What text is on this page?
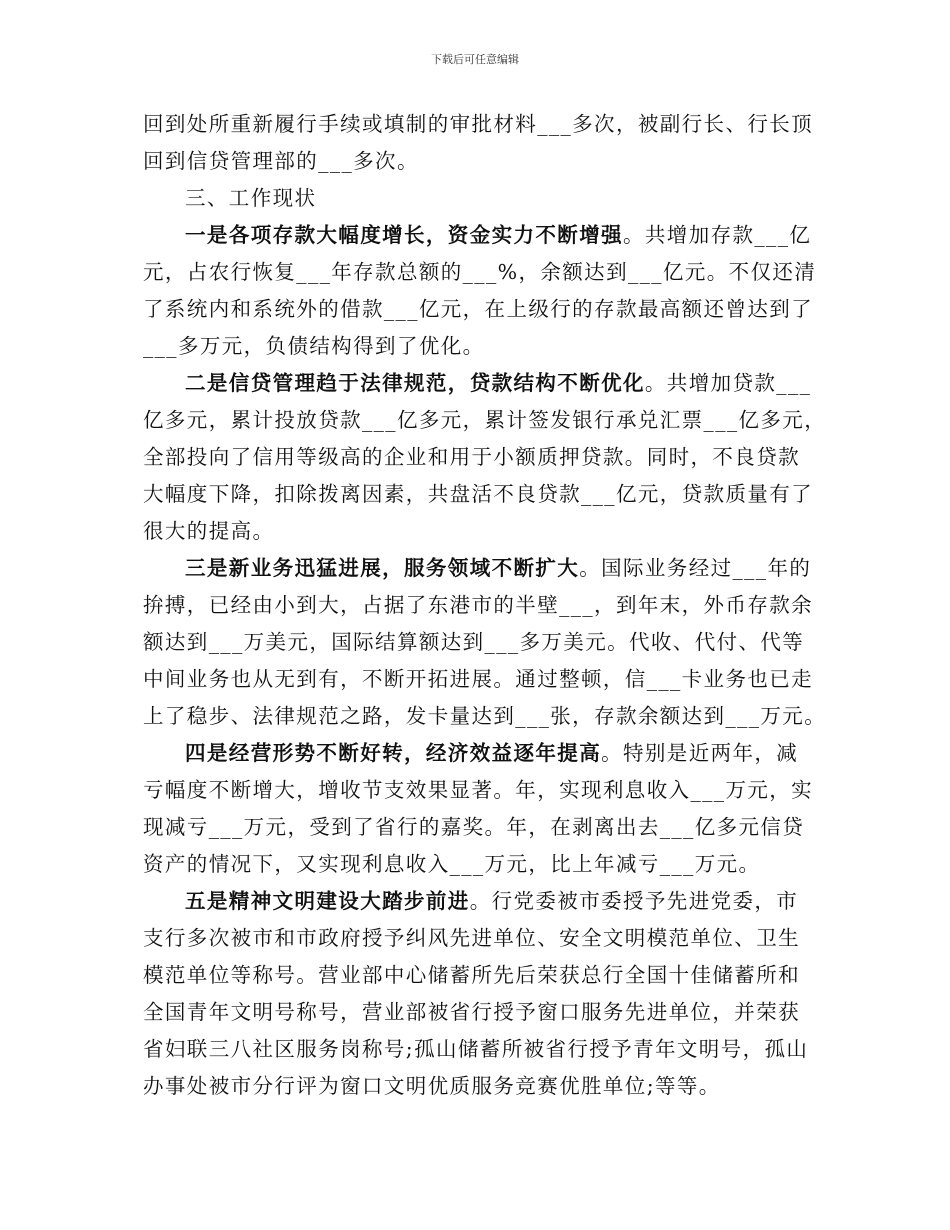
下载后可任意编辑
回到处所重新履行手续或填制的审批材料___多次，被副行长、行长顶
回到信贷管理部的___多次。
三、工作现状
一是各项存款大幅度增长，资金实力不断增强。共增加存款___亿
元，占农行恢复___年存款总额的___%，余额达到___亿元。不仅还清
了系统内和系统外的借款___亿元，在上级行的存款最高额还曾达到了
___多万元，负债结构得到了优化。
二是信贷管理趋于法律规范，贷款结构不断优化。共增加贷款___
亿多元，累计投放贷款___亿多元，累计签发银行承兑汇票___亿多元，
全部投向了信用等级高的企业和用于小额质押贷款。同时，不良贷款
大幅度下降，扣除拨离因素，共盘活不良贷款___亿元，贷款质量有了
很大的提高。
三是新业务迅猛进展，服务领域不断扩大。国际业务经过___年的
拚搏，已经由小到大，占据了东港市的半壁___，到年末，外币存款余
额达到___万美元，国际结算额达到___多万美元。代收、代付、代等
中间业务也从无到有，不断开拓进展。通过整顿，信___卡业务也已走
上了稳步、法律规范之路，发卡量达到___张，存款余额达到___万元。
四是经营形势不断好转，经济效益逐年提高。特别是近两年，减
亏幅度不断增大，增收节支效果显著。年，实现利息收入___万元，实
现减亏___万元，受到了省行的嘉奖。年，在剥离出去___亿多元信贷
资产的情况下，又实现利息收入___万元，比上年减亏___万元。
五是精神文明建设大踏步前进。行党委被市委授予先进党委，市
支行多次被市和市政府授予纠风先进单位、安全文明模范单位、卫生
模范单位等称号。营业部中心储蓄所先后荣获总行全国十佳储蓄所和
全国青年文明号称号，营业部被省行授予窗口服务先进单位，并荣获
省妇联三八社区服务岗称号;孤山储蓄所被省行授予青年文明号，孤山
办事处被市分行评为窗口文明优质服务竞赛优胜单位;等等。
